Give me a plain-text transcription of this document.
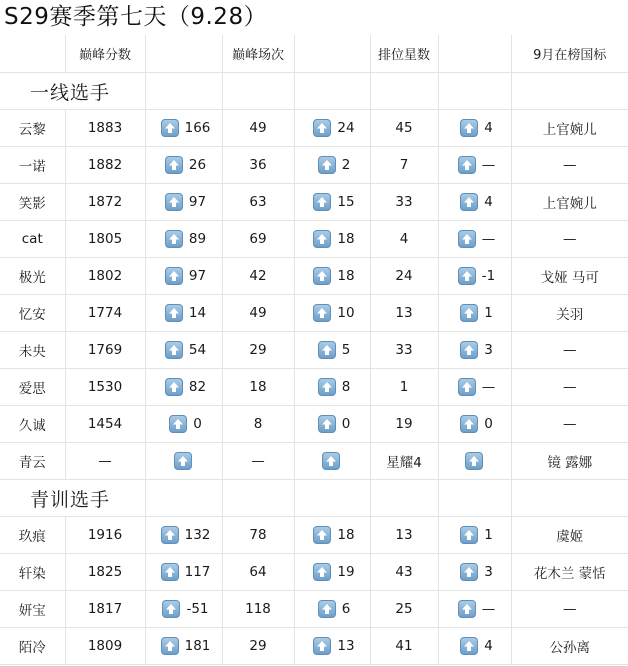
S29赛季第七天（9.28）
	巅峰分数		巅峰场次		排位星数		9月在榜国标
一线选手							
云黎	1883	166	49	24	45	4	上官婉儿
一诺	1882	26	36	2	7	—	—
笑影	1872	97	63	15	33	4	上官婉儿
cat	1805	89	69	18	4	—	—
极光	1802	97	42	18	24	-1	戈娅 马可
忆安	1774	14	49	10	13	1	关羽
未央	1769	54	29	5	33	3	—
爱思	1530	82	18	8	1	—	—
久诚	1454	0	8	0	19	0	—
青云	—		—		星耀4		镜 露娜
青训选手							
玖痕	1916	132	78	18	13	1	虞姬
轩染	1825	117	64	19	43	3	花木兰 蒙恬
妍宝	1817	-51	118	6	25	—	—
陌冷	1809	181	29	13	41	4	公孙离
